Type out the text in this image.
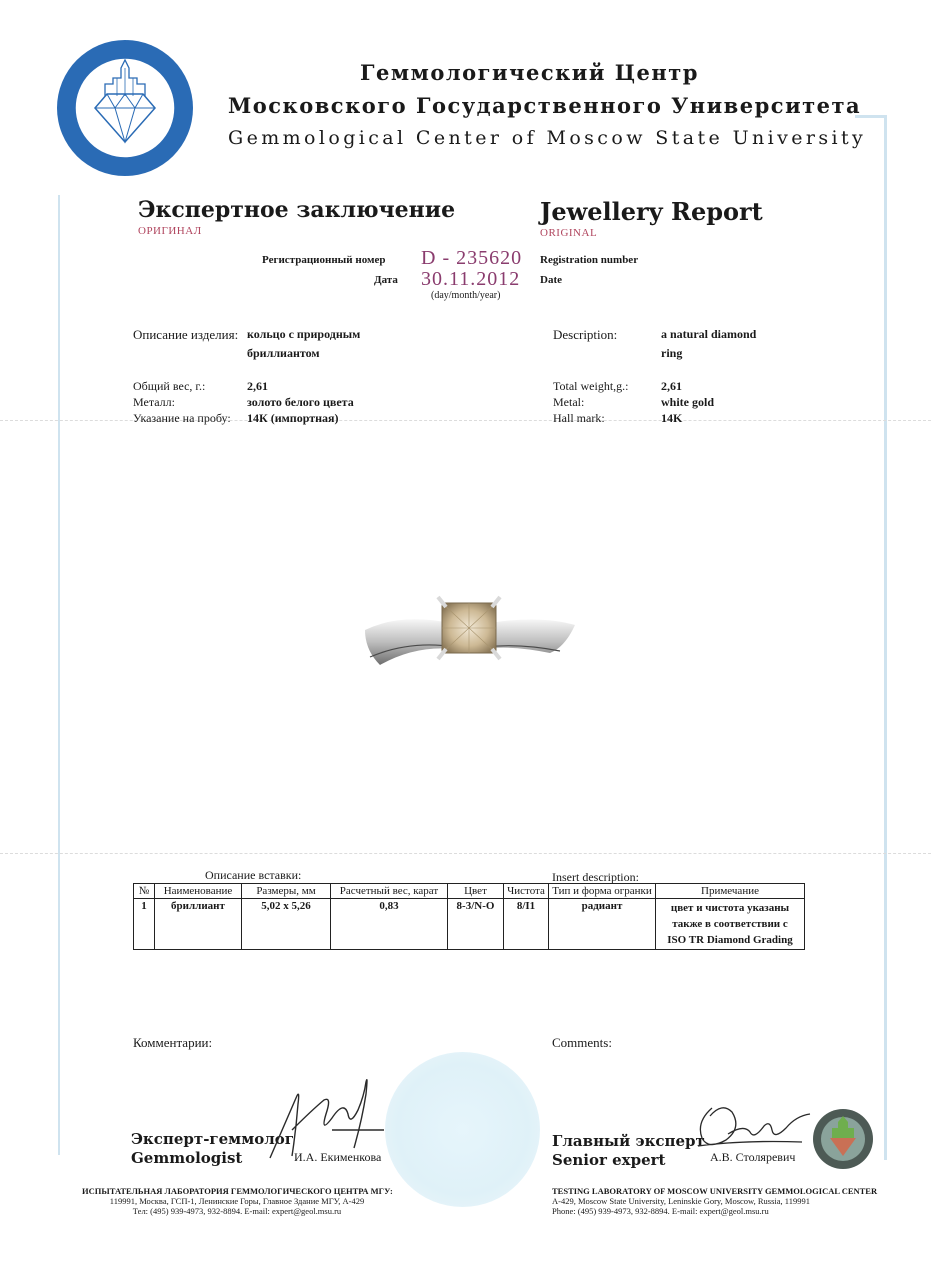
Геммологический Центр
Московского Государственного Университета
Gemmological Center of Moscow State University
Экспертное заключение
ОРИГИНАЛ
Jewellery Report
ORIGINAL
Регистрационный номер D - 235620 Registration number
Дата 30.11.2012 Date
(day/month/year)
Описание изделия: кольцо с природным
бриллиантом
Общий вес, г.:	2,61
Металл:	золото белого цвета
Указание на пробу: 14К (импортная)
Description:	a natural diamond
ring
Total weight,g.:	2,61
Metal:	white gold
Hall mark:	14K
Описание вставки:	Insert description:
№	Наименование	Размеры, мм	Расчетный вес, карат	Цвет	Чистота	Тип и форма огранки	Примечание
1	бриллиант	5,02 x 5,26	0,83	8-3/N-O	8/I1	радиант	цвет и чистота указаны
также в соответствии с
ISO TR Diamond Grading
Комментарии:	Comments:
Эксперт-геммолог
Gemmologist	И.А. Екименкова
Главный эксперт
Senior expert	А.В. Столяревич
ИСПЫТАТЕЛЬНАЯ ЛАБОРАТОРИЯ ГЕММОЛОГИЧЕСКОГО ЦЕНТРА МГУ:
119991, Москва, ГСП-1, Ленинские Горы, Главное Здание МГУ, А-429
Тел: (495) 939-4973, 932-8894. E-mail: expert@geol.msu.ru
TESTING LABORATORY OF MOSCOW UNIVERSITY GEMMOLOGICAL CENTER
A-429, Moscow State University, Leninskie Gory, Moscow, Russia, 119991
Phone: (495) 939-4973, 932-8894. E-mail: expert@geol.msu.ru
